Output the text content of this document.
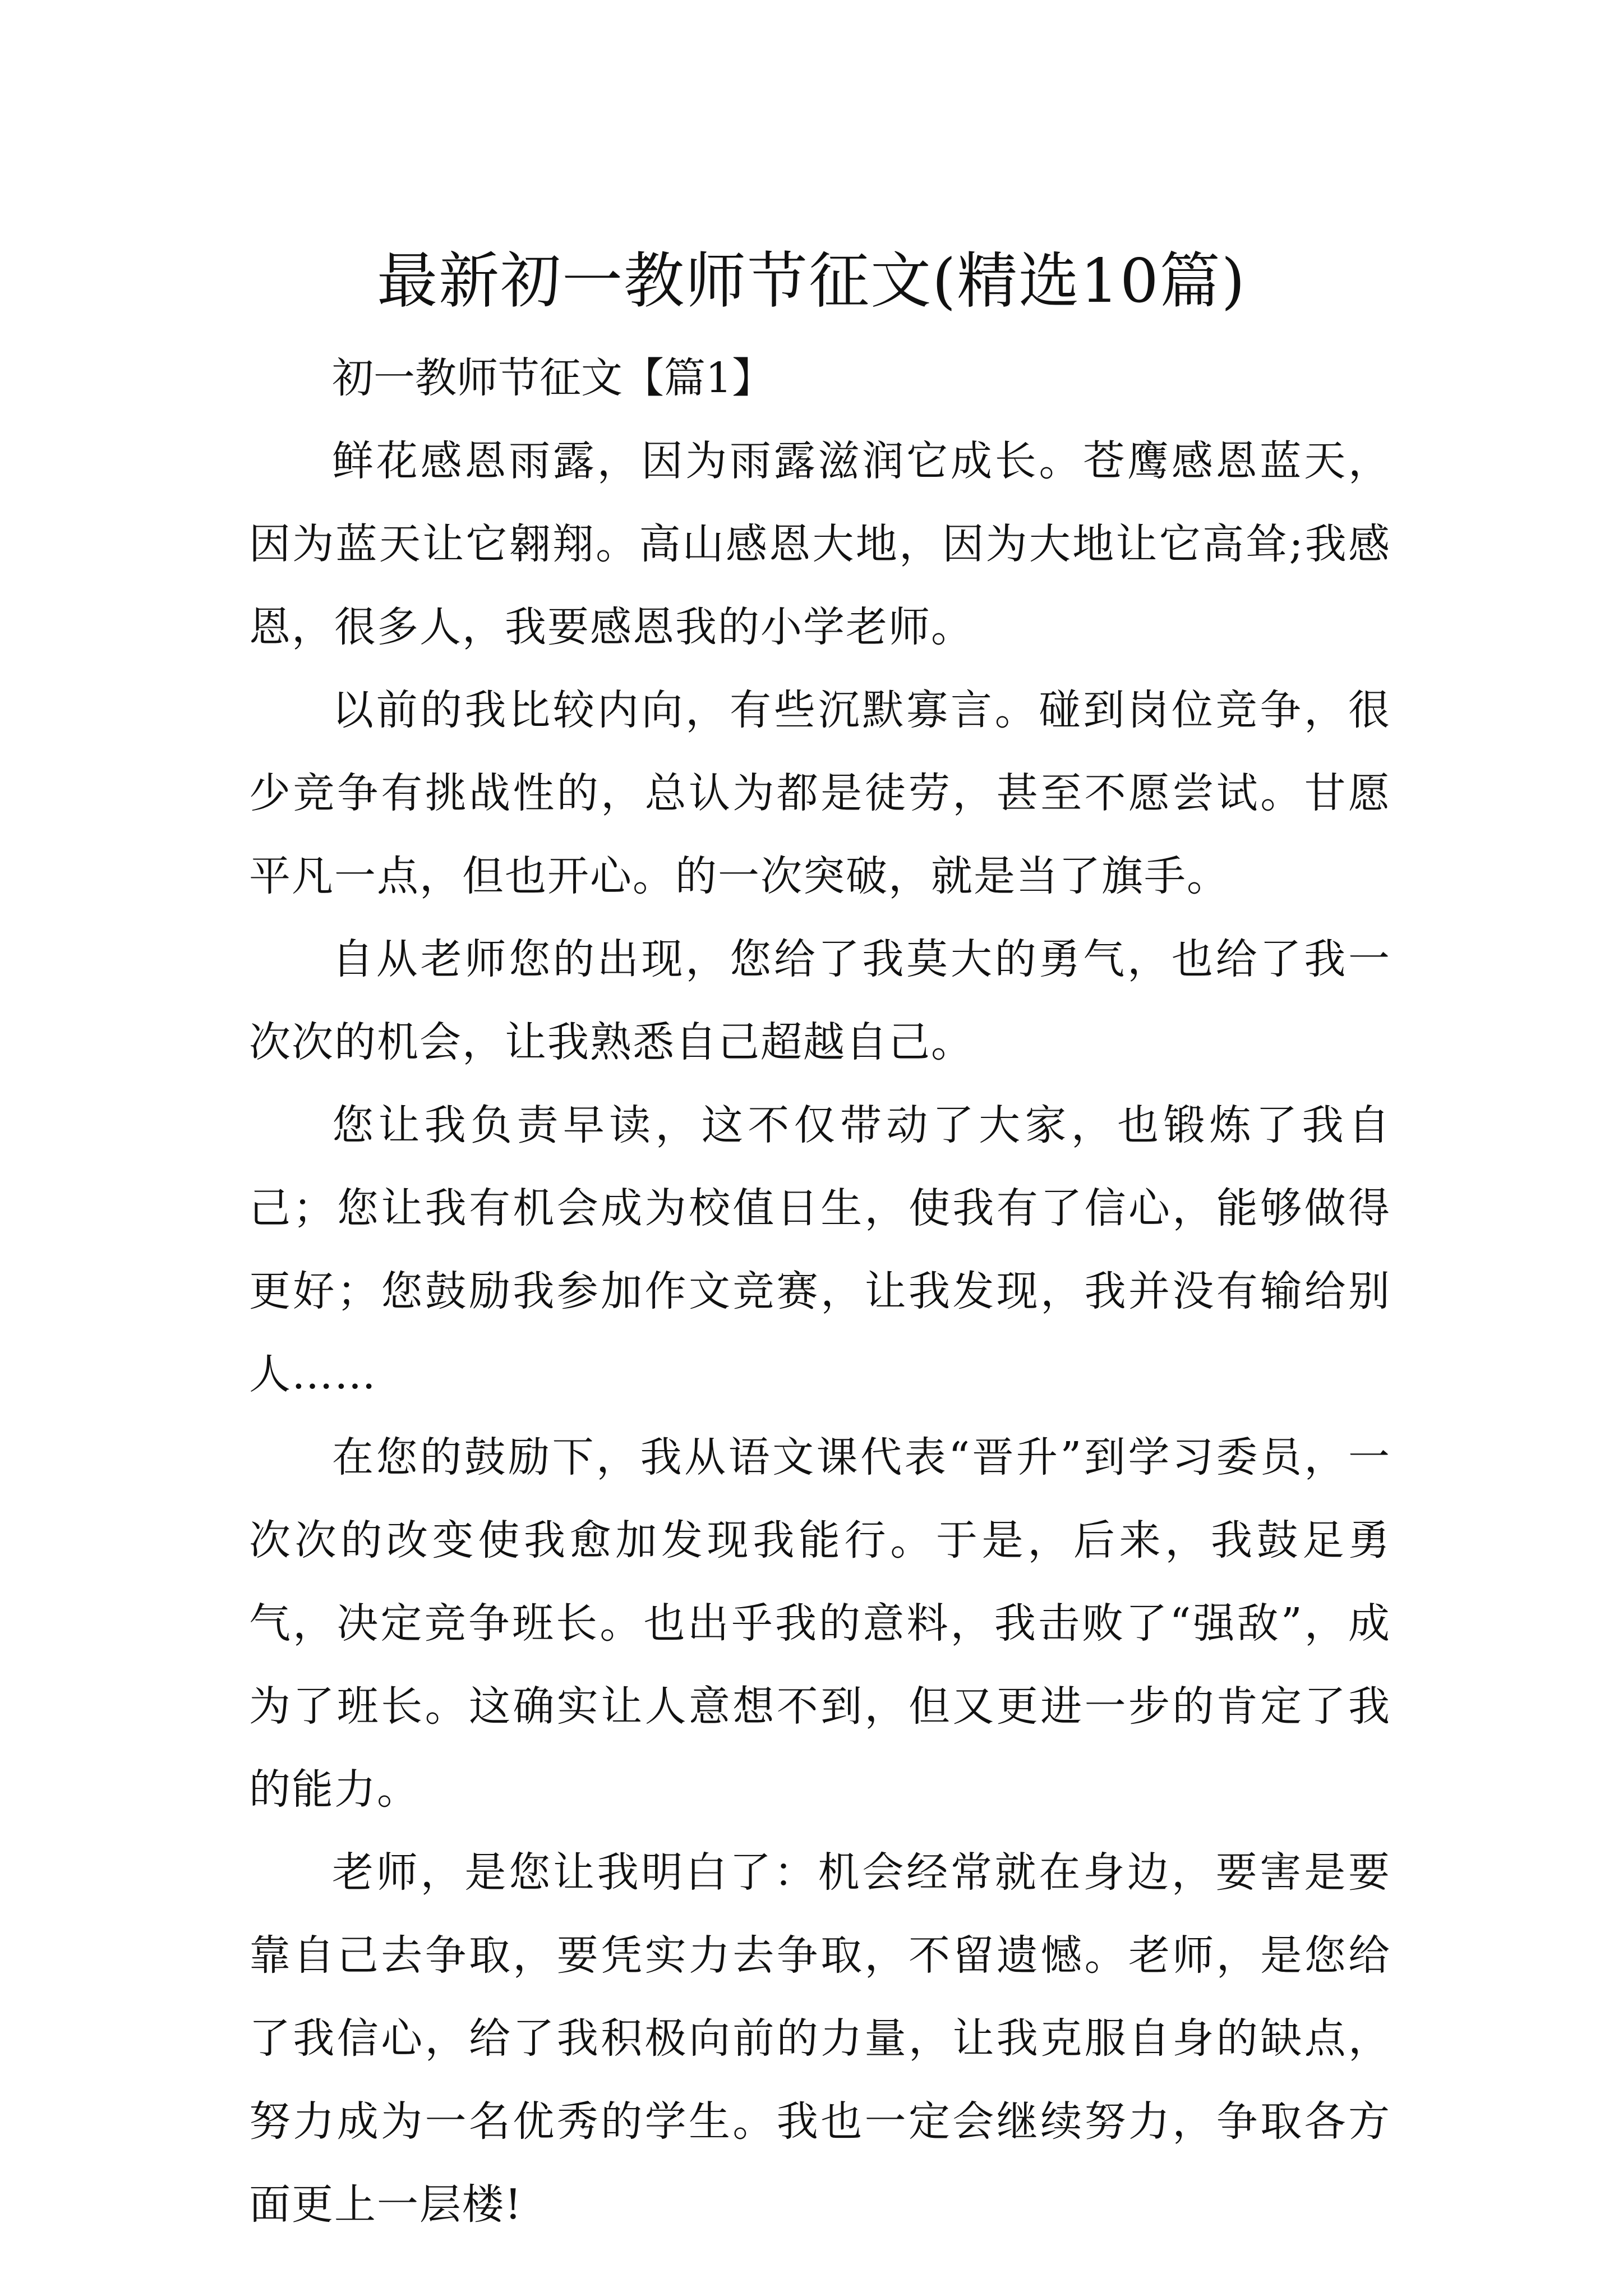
最新初一教师节征文(精选10篇)

初一教师节征文【篇1】

鲜花感恩雨露，因为雨露滋润它成长。苍鹰感恩蓝天，因为蓝天让它翱翔。高山感恩大地，因为大地让它高耸;我感恩，很多人，我要感恩我的小学老师。

以前的我比较内向，有些沉默寡言。碰到岗位竞争，很少竞争有挑战性的，总认为都是徒劳，甚至不愿尝试。甘愿平凡一点，但也开心。的一次突破，就是当了旗手。

自从老师您的出现，您给了我莫大的勇气，也给了我一次次的机会，让我熟悉自己超越自己。

您让我负责早读，这不仅带动了大家，也锻炼了我自己；您让我有机会成为校值日生，使我有了信心，能够做得更好；您鼓励我参加作文竞赛，让我发现，我并没有输给别人……

在您的鼓励下，我从语文课代表“晋升”到学习委员，一次次的改变使我愈加发现我能行。于是，后来，我鼓足勇气，决定竞争班长。也出乎我的意料，我击败了“强敌”，成为了班长。这确实让人意想不到，但又更进一步的肯定了我的能力。

老师，是您让我明白了：机会经常就在身边，要害是要靠自己去争取，要凭实力去争取，不留遗憾。老师，是您给了我信心，给了我积极向前的力量，让我克服自身的缺点，努力成为一名优秀的学生。我也一定会继续努力，争取各方面更上一层楼!
